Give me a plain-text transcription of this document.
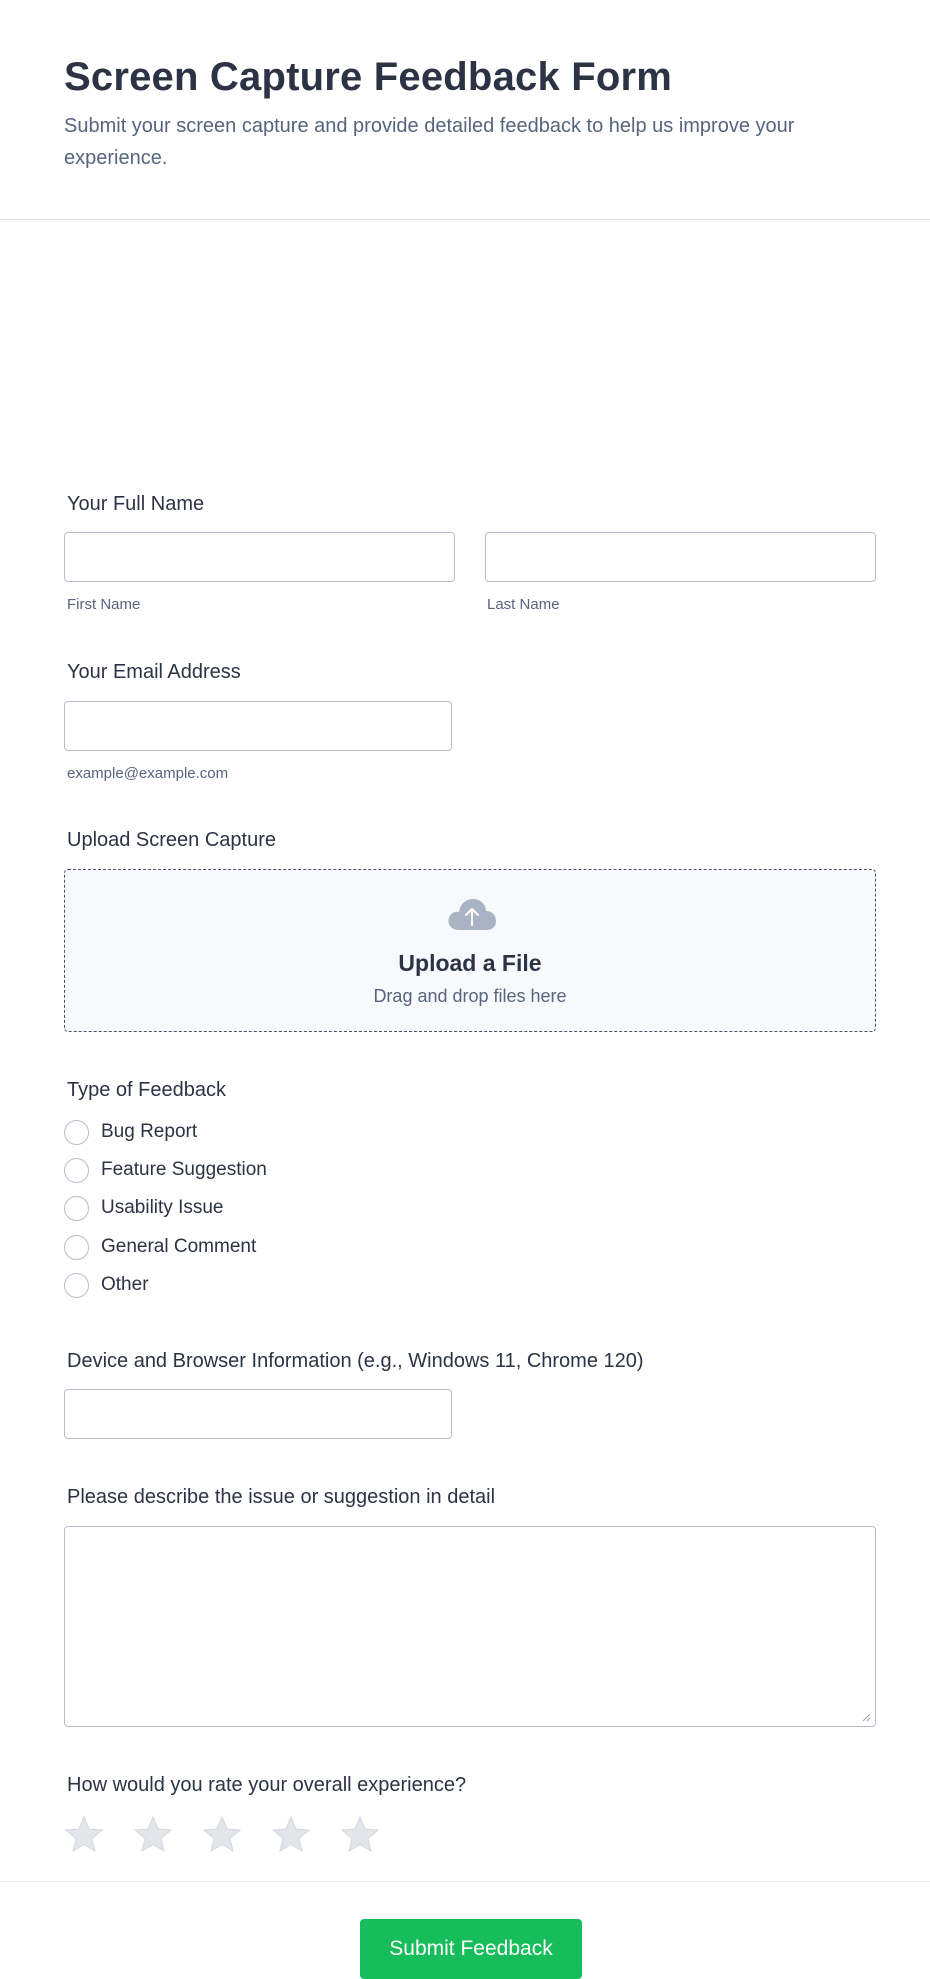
Screen Capture Feedback Form
Submit your screen capture and provide detailed feedback to help us improve your experience.
Your Full Name
First Name	Last Name
Your Email Address
example@example.com
Upload Screen Capture
Upload a File
Drag and drop files here
Type of Feedback
Bug Report
Feature Suggestion
Usability Issue
General Comment
Other
Device and Browser Information (e.g., Windows 11, Chrome 120)
Please describe the issue or suggestion in detail
How would you rate your overall experience?
Submit Feedback
